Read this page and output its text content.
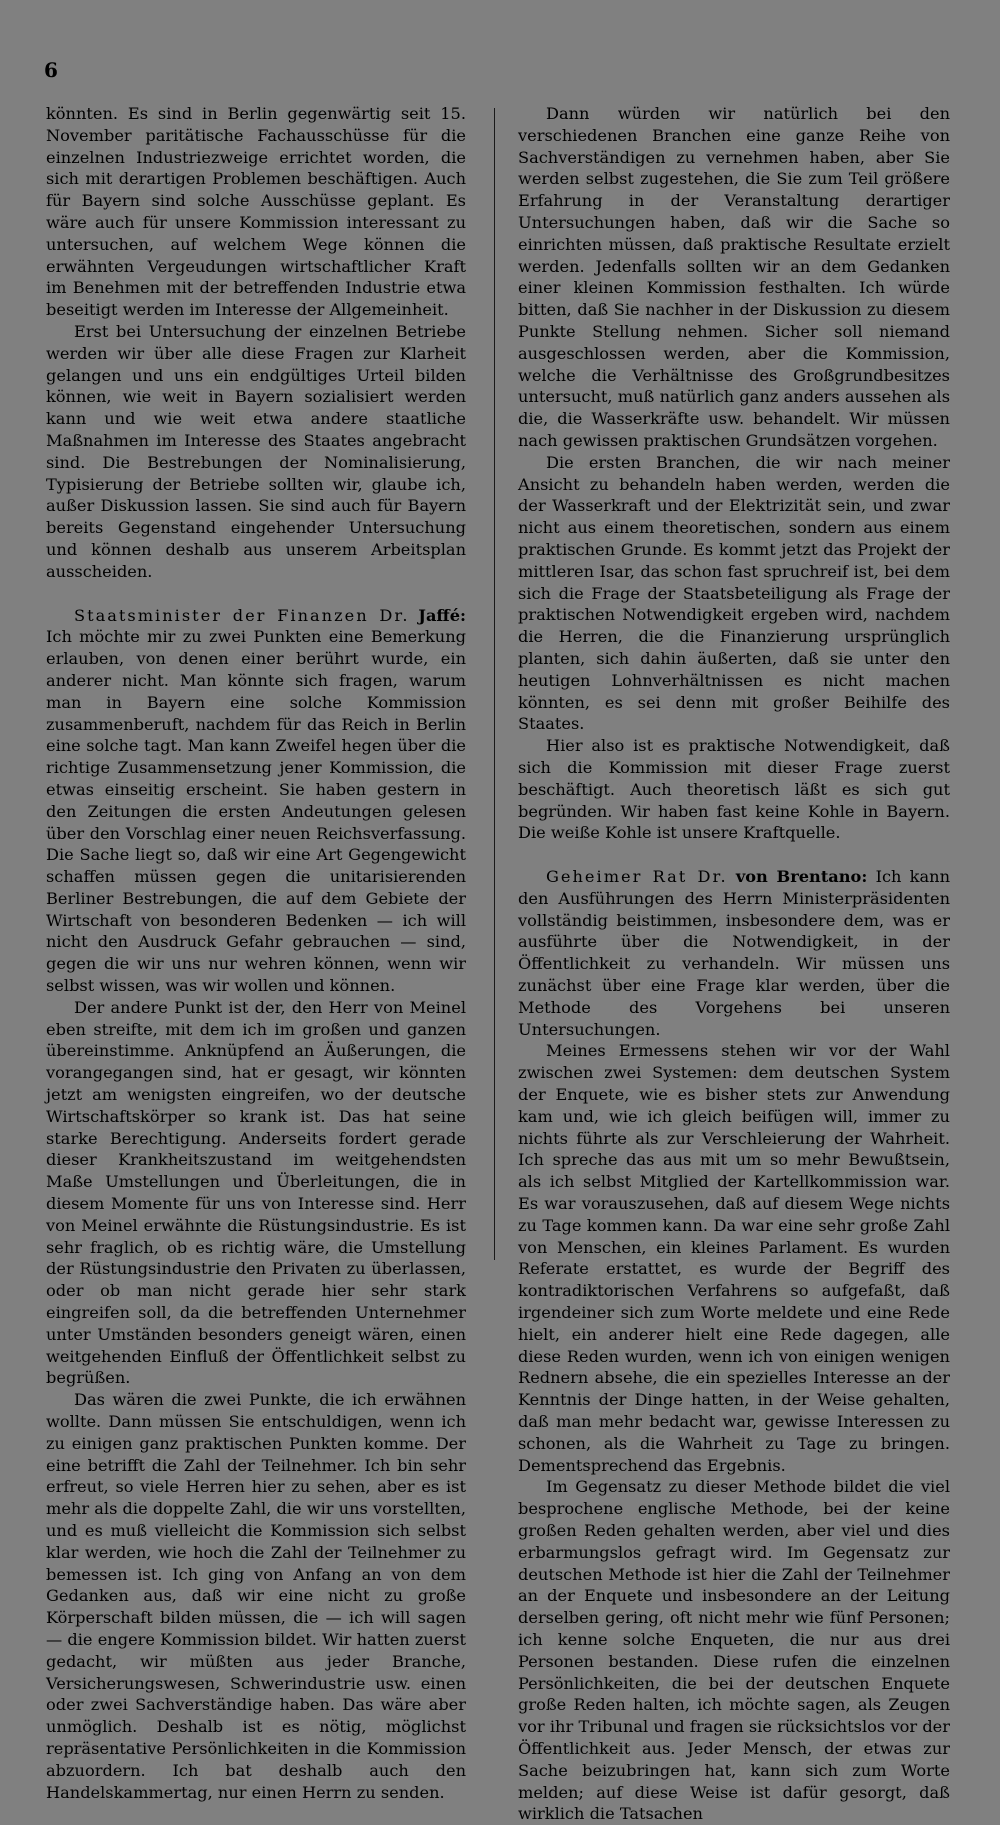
6

könnten. Es sind in Berlin gegenwärtig seit 15. November paritätische Fachausschüsse für die einzelnen Industriezweige errichtet worden, die sich mit derartigen Problemen beschäftigen. Auch für Bayern sind solche Ausschüsse geplant. Es wäre auch für unsere Kommission interessant zu untersuchen, auf welchem Wege können die erwähnten Vergeudungen wirtschaftlicher Kraft im Benehmen mit der betreffenden Industrie etwa beseitigt werden im Interesse der Allgemeinheit.

Erst bei Untersuchung der einzelnen Betriebe werden wir über alle diese Fragen zur Klarheit gelangen und uns ein endgültiges Urteil bilden können, wie weit in Bayern sozialisiert werden kann und wie weit etwa andere staatliche Maßnahmen im Interesse des Staates angebracht sind. Die Bestrebungen der Nominalisierung, Typisierung der Betriebe sollten wir, glaube ich, außer Diskussion lassen. Sie sind auch für Bayern bereits Gegenstand eingehender Untersuchung und können deshalb aus unserem Arbeitsplan ausscheiden.

Staatsminister der Finanzen Dr. Jaffé: Ich möchte mir zu zwei Punkten eine Bemerkung erlauben, von denen einer berührt wurde, ein anderer nicht. Man könnte sich fragen, warum man in Bayern eine solche Kommission zusammenberuft, nachdem für das Reich in Berlin eine solche tagt. Man kann Zweifel hegen über die richtige Zusammensetzung jener Kommission, die etwas einseitig erscheint. Sie haben gestern in den Zeitungen die ersten Andeutungen gelesen über den Vorschlag einer neuen Reichsverfassung. Die Sache liegt so, daß wir eine Art Gegengewicht schaffen müssen gegen die unitarisierenden Berliner Bestrebungen, die auf dem Gebiete der Wirtschaft von besonderen Bedenken — ich will nicht den Ausdruck Gefahr gebrauchen — sind, gegen die wir uns nur wehren können, wenn wir selbst wissen, was wir wollen und können.

Der andere Punkt ist der, den Herr von Meinel eben streifte, mit dem ich im großen und ganzen übereinstimme. Anknüpfend an Äußerungen, die vorangegangen sind, hat er gesagt, wir könnten jetzt am wenigsten eingreifen, wo der deutsche Wirtschaftskörper so krank ist. Das hat seine starke Berechtigung. Anderseits fordert gerade dieser Krankheitszustand im weitgehendsten Maße Umstellungen und Überleitungen, die in diesem Momente für uns von Interesse sind. Herr von Meinel erwähnte die Rüstungsindustrie. Es ist sehr fraglich, ob es richtig wäre, die Umstellung der Rüstungsindustrie den Privaten zu überlassen, oder ob man nicht gerade hier sehr stark eingreifen soll, da die betreffenden Unternehmer unter Umständen besonders geneigt wären, einen weitgehenden Einfluß der Öffentlichkeit selbst zu begrüßen.

Das wären die zwei Punkte, die ich erwähnen wollte. Dann müssen Sie entschuldigen, wenn ich zu einigen ganz praktischen Punkten komme. Der eine betrifft die Zahl der Teilnehmer. Ich bin sehr erfreut, so viele Herren hier zu sehen, aber es ist mehr als die doppelte Zahl, die wir uns vorstellten, und es muß vielleicht die Kommission sich selbst klar werden, wie hoch die Zahl der Teilnehmer zu bemessen ist. Ich ging von Anfang an von dem Gedanken aus, daß wir eine nicht zu große Körperschaft bilden müssen, die — ich will sagen — die engere Kommission bildet. Wir hatten zuerst gedacht, wir müßten aus jeder Branche, Versicherungswesen, Schwerindustrie usw. einen oder zwei Sachverständige haben. Das wäre aber unmöglich. Deshalb ist es nötig, möglichst repräsentative Persönlichkeiten in die Kommission abzuordern. Ich bat deshalb auch den Handelskammertag, nur einen Herrn zu senden.

Dann würden wir natürlich bei den verschiedenen Branchen eine ganze Reihe von Sachverständigen zu vernehmen haben, aber Sie werden selbst zugestehen, die Sie zum Teil größere Erfahrung in der Veranstaltung derartiger Untersuchungen haben, daß wir die Sache so einrichten müssen, daß praktische Resultate erzielt werden. Jedenfalls sollten wir an dem Gedanken einer kleinen Kommission festhalten. Ich würde bitten, daß Sie nachher in der Diskussion zu diesem Punkte Stellung nehmen. Sicher soll niemand ausgeschlossen werden, aber die Kommission, welche die Verhältnisse des Großgrundbesitzes untersucht, muß natürlich ganz anders aussehen als die, die Wasserkräfte usw. behandelt. Wir müssen nach gewissen praktischen Grundsätzen vorgehen.

Die ersten Branchen, die wir nach meiner Ansicht zu behandeln haben werden, werden die der Wasserkraft und der Elektrizität sein, und zwar nicht aus einem theoretischen, sondern aus einem praktischen Grunde. Es kommt jetzt das Projekt der mittleren Isar, das schon fast spruchreif ist, bei dem sich die Frage der Staatsbeteiligung als Frage der praktischen Notwendigkeit ergeben wird, nachdem die Herren, die die Finanzierung ursprünglich planten, sich dahin äußerten, daß sie unter den heutigen Lohnverhältnissen es nicht machen könnten, es sei denn mit großer Beihilfe des Staates.

Hier also ist es praktische Notwendigkeit, daß sich die Kommission mit dieser Frage zuerst beschäftigt. Auch theoretisch läßt es sich gut begründen. Wir haben fast keine Kohle in Bayern. Die weiße Kohle ist unsere Kraftquelle.

Geheimer Rat Dr. von Brentano: Ich kann den Ausführungen des Herrn Ministerpräsidenten vollständig beistimmen, insbesondere dem, was er ausführte über die Notwendigkeit, in der Öffentlichkeit zu verhandeln. Wir müssen uns zunächst über eine Frage klar werden, über die Methode des Vorgehens bei unseren Untersuchungen.

Meines Ermessens stehen wir vor der Wahl zwischen zwei Systemen: dem deutschen System der Enquete, wie es bisher stets zur Anwendung kam und, wie ich gleich beifügen will, immer zu nichts führte als zur Verschleierung der Wahrheit. Ich spreche das aus mit um so mehr Bewußtsein, als ich selbst Mitglied der Kartellkommission war. Es war vorauszusehen, daß auf diesem Wege nichts zu Tage kommen kann. Da war eine sehr große Zahl von Menschen, ein kleines Parlament. Es wurden Referate erstattet, es wurde der Begriff des kontradiktorischen Verfahrens so aufgefaßt, daß irgendeiner sich zum Worte meldete und eine Rede hielt, ein anderer hielt eine Rede dagegen, alle diese Reden wurden, wenn ich von einigen wenigen Rednern absehe, die ein spezielles Interesse an der Kenntnis der Dinge hatten, in der Weise gehalten, daß man mehr bedacht war, gewisse Interessen zu schonen, als die Wahrheit zu Tage zu bringen. Dementsprechend das Ergebnis.

Im Gegensatz zu dieser Methode bildet die viel besprochene englische Methode, bei der keine großen Reden gehalten werden, aber viel und dies erbarmungslos gefragt wird. Im Gegensatz zur deutschen Methode ist hier die Zahl der Teilnehmer an der Enquete und insbesondere an der Leitung derselben gering, oft nicht mehr wie fünf Personen; ich kenne solche Enqueten, die nur aus drei Personen bestanden. Diese rufen die einzelnen Persönlichkeiten, die bei der deutschen Enquete große Reden halten, ich möchte sagen, als Zeugen vor ihr Tribunal und fragen sie rücksichtslos vor der Öffentlichkeit aus. Jeder Mensch, der etwas zur Sache beizubringen hat, kann sich zum Worte melden; auf diese Weise ist dafür gesorgt, daß wirklich die Tatsachen
